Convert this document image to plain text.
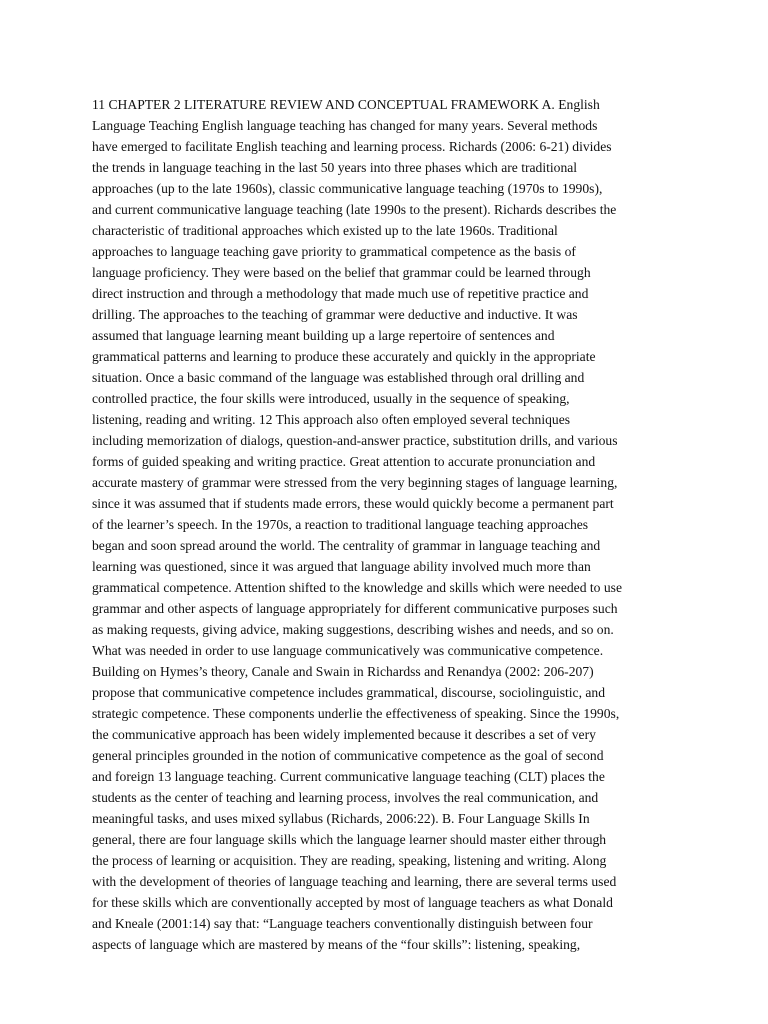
11 CHAPTER 2 LITERATURE REVIEW AND CONCEPTUAL FRAMEWORK A. English
Language Teaching English language teaching has changed for many years. Several methods
have emerged to facilitate English teaching and learning process. Richards (2006: 6-21) divides
the trends in language teaching in the last 50 years into three phases which are traditional
approaches (up to the late 1960s), classic communicative language teaching (1970s to 1990s),
and current communicative language teaching (late 1990s to the present). Richards describes the
characteristic of traditional approaches which existed up to the late 1960s. Traditional
approaches to language teaching gave priority to grammatical competence as the basis of
language proficiency. They were based on the belief that grammar could be learned through
direct instruction and through a methodology that made much use of repetitive practice and
drilling. The approaches to the teaching of grammar were deductive and inductive. It was
assumed that language learning meant building up a large repertoire of sentences and
grammatical patterns and learning to produce these accurately and quickly in the appropriate
situation. Once a basic command of the language was established through oral drilling and
controlled practice, the four skills were introduced, usually in the sequence of speaking,
listening, reading and writing. 12 This approach also often employed several techniques
including memorization of dialogs, question-and-answer practice, substitution drills, and various
forms of guided speaking and writing practice. Great attention to accurate pronunciation and
accurate mastery of grammar were stressed from the very beginning stages of language learning,
since it was assumed that if students made errors, these would quickly become a permanent part
of the learner’s speech. In the 1970s, a reaction to traditional language teaching approaches
began and soon spread around the world. The centrality of grammar in language teaching and
learning was questioned, since it was argued that language ability involved much more than
grammatical competence. Attention shifted to the knowledge and skills which were needed to use
grammar and other aspects of language appropriately for different communicative purposes such
as making requests, giving advice, making suggestions, describing wishes and needs, and so on.
What was needed in order to use language communicatively was communicative competence.
Building on Hymes’s theory, Canale and Swain in Richardss and Renandya (2002: 206-207)
propose that communicative competence includes grammatical, discourse, sociolinguistic, and
strategic competence. These components underlie the effectiveness of speaking. Since the 1990s,
the communicative approach has been widely implemented because it describes a set of very
general principles grounded in the notion of communicative competence as the goal of second
and foreign 13 language teaching. Current communicative language teaching (CLT) places the
students as the center of teaching and learning process, involves the real communication, and
meaningful tasks, and uses mixed syllabus (Richards, 2006:22). B. Four Language Skills In
general, there are four language skills which the language learner should master either through
the process of learning or acquisition. They are reading, speaking, listening and writing. Along
with the development of theories of language teaching and learning, there are several terms used
for these skills which are conventionally accepted by most of language teachers as what Donald
and Kneale (2001:14) say that: “Language teachers conventionally distinguish between four
aspects of language which are mastered by means of the “four skills”: listening, speaking,
